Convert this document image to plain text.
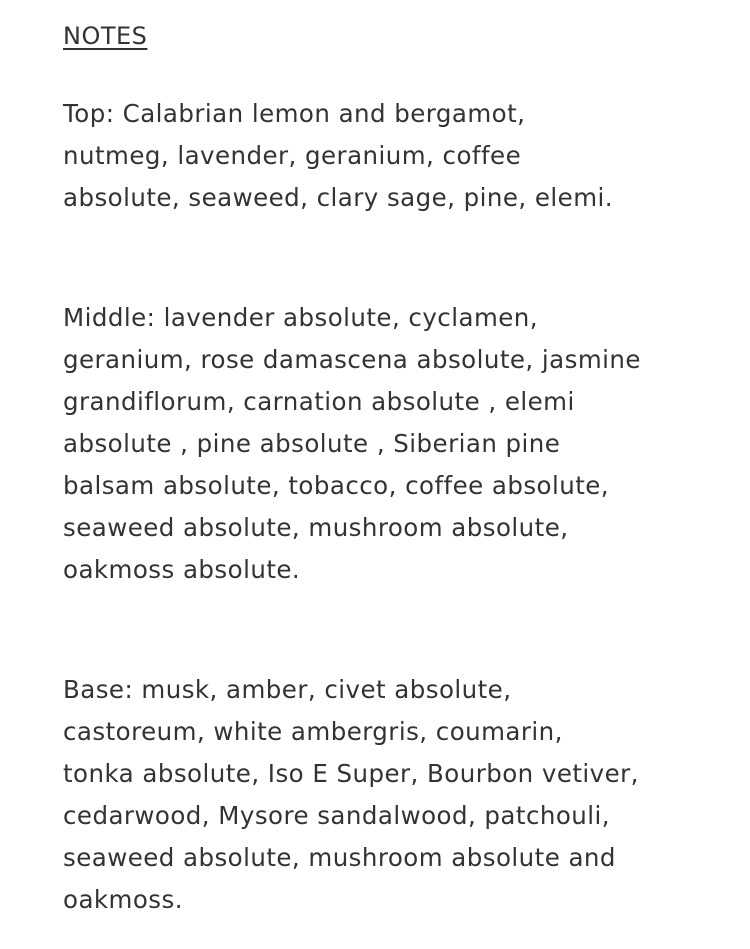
NOTES

Top: Calabrian lemon and bergamot,
nutmeg, lavender, geranium, coffee
absolute, seaweed, clary sage, pine, elemi.

Middle: lavender absolute, cyclamen,
geranium, rose damascena absolute, jasmine
grandiflorum, carnation absolute , elemi
absolute , pine absolute , Siberian pine
balsam absolute, tobacco, coffee absolute,
seaweed absolute, mushroom absolute,
oakmoss absolute.

Base: musk, amber, civet absolute,
castoreum, white ambergris, coumarin,
tonka absolute, Iso E Super, Bourbon vetiver,
cedarwood, Mysore sandalwood, patchouli,
seaweed absolute, mushroom absolute and
oakmoss.
